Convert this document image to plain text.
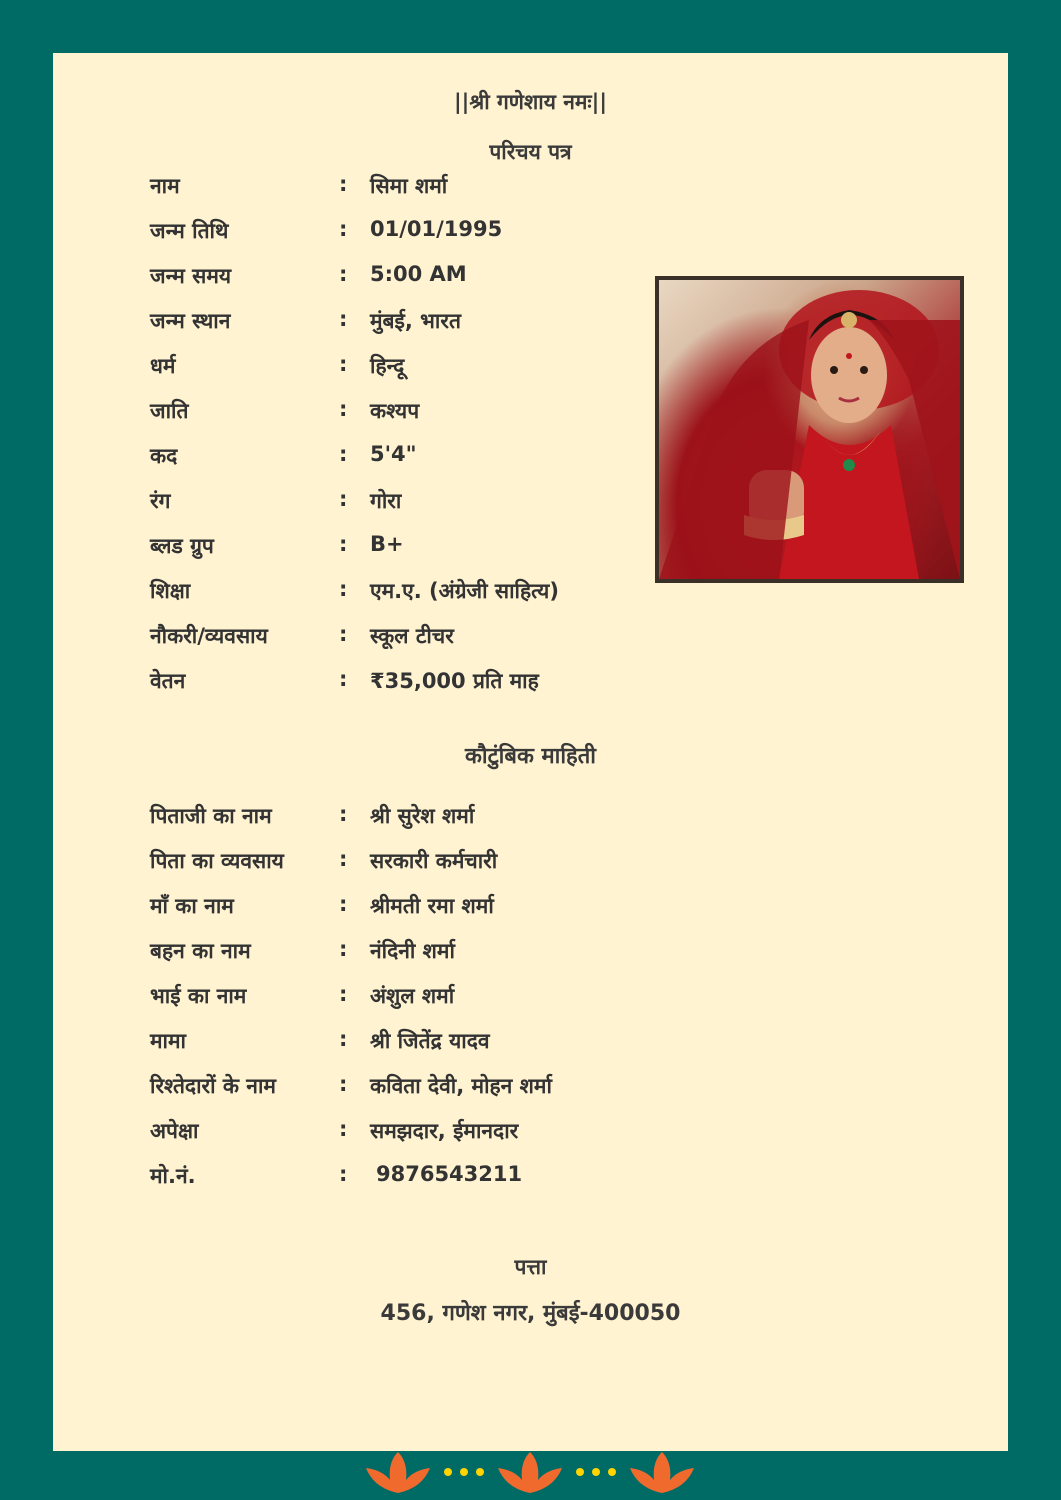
||श्री गणेशाय नमः||
परिचय पत्र
नाम	: सिमा शर्मा
जन्म तिथि	: 01/01/1995
जन्म समय	: 5:00 AM
जन्म स्थान	: मुंबई, भारत
धर्म	: हिन्दू
जाति	: कश्यप
कद	: 5'4"
रंग	: गोरा
ब्लड ग्रुप	: B+
शिक्षा	: एम.ए. (अंग्रेजी साहित्य)
नौकरी/व्यवसाय	: स्कूल टीचर
वेतन	: ₹35,000 प्रति माह
कौटुंबिक माहिती
पिताजी का नाम	: श्री सुरेश शर्मा
पिता का व्यवसाय	: सरकारी कर्मचारी
माँ का नाम	: श्रीमती रमा शर्मा
बहन का नाम	: नंदिनी शर्मा
भाई का नाम	: अंशुल शर्मा
मामा	: श्री जितेंद्र यादव
रिश्तेदारों के नाम	: कविता देवी, मोहन शर्मा
अपेक्षा	: समझदार, ईमानदार
मो.नं.	: 9876543211
पत्ता
456, गणेश नगर, मुंबई-400050
